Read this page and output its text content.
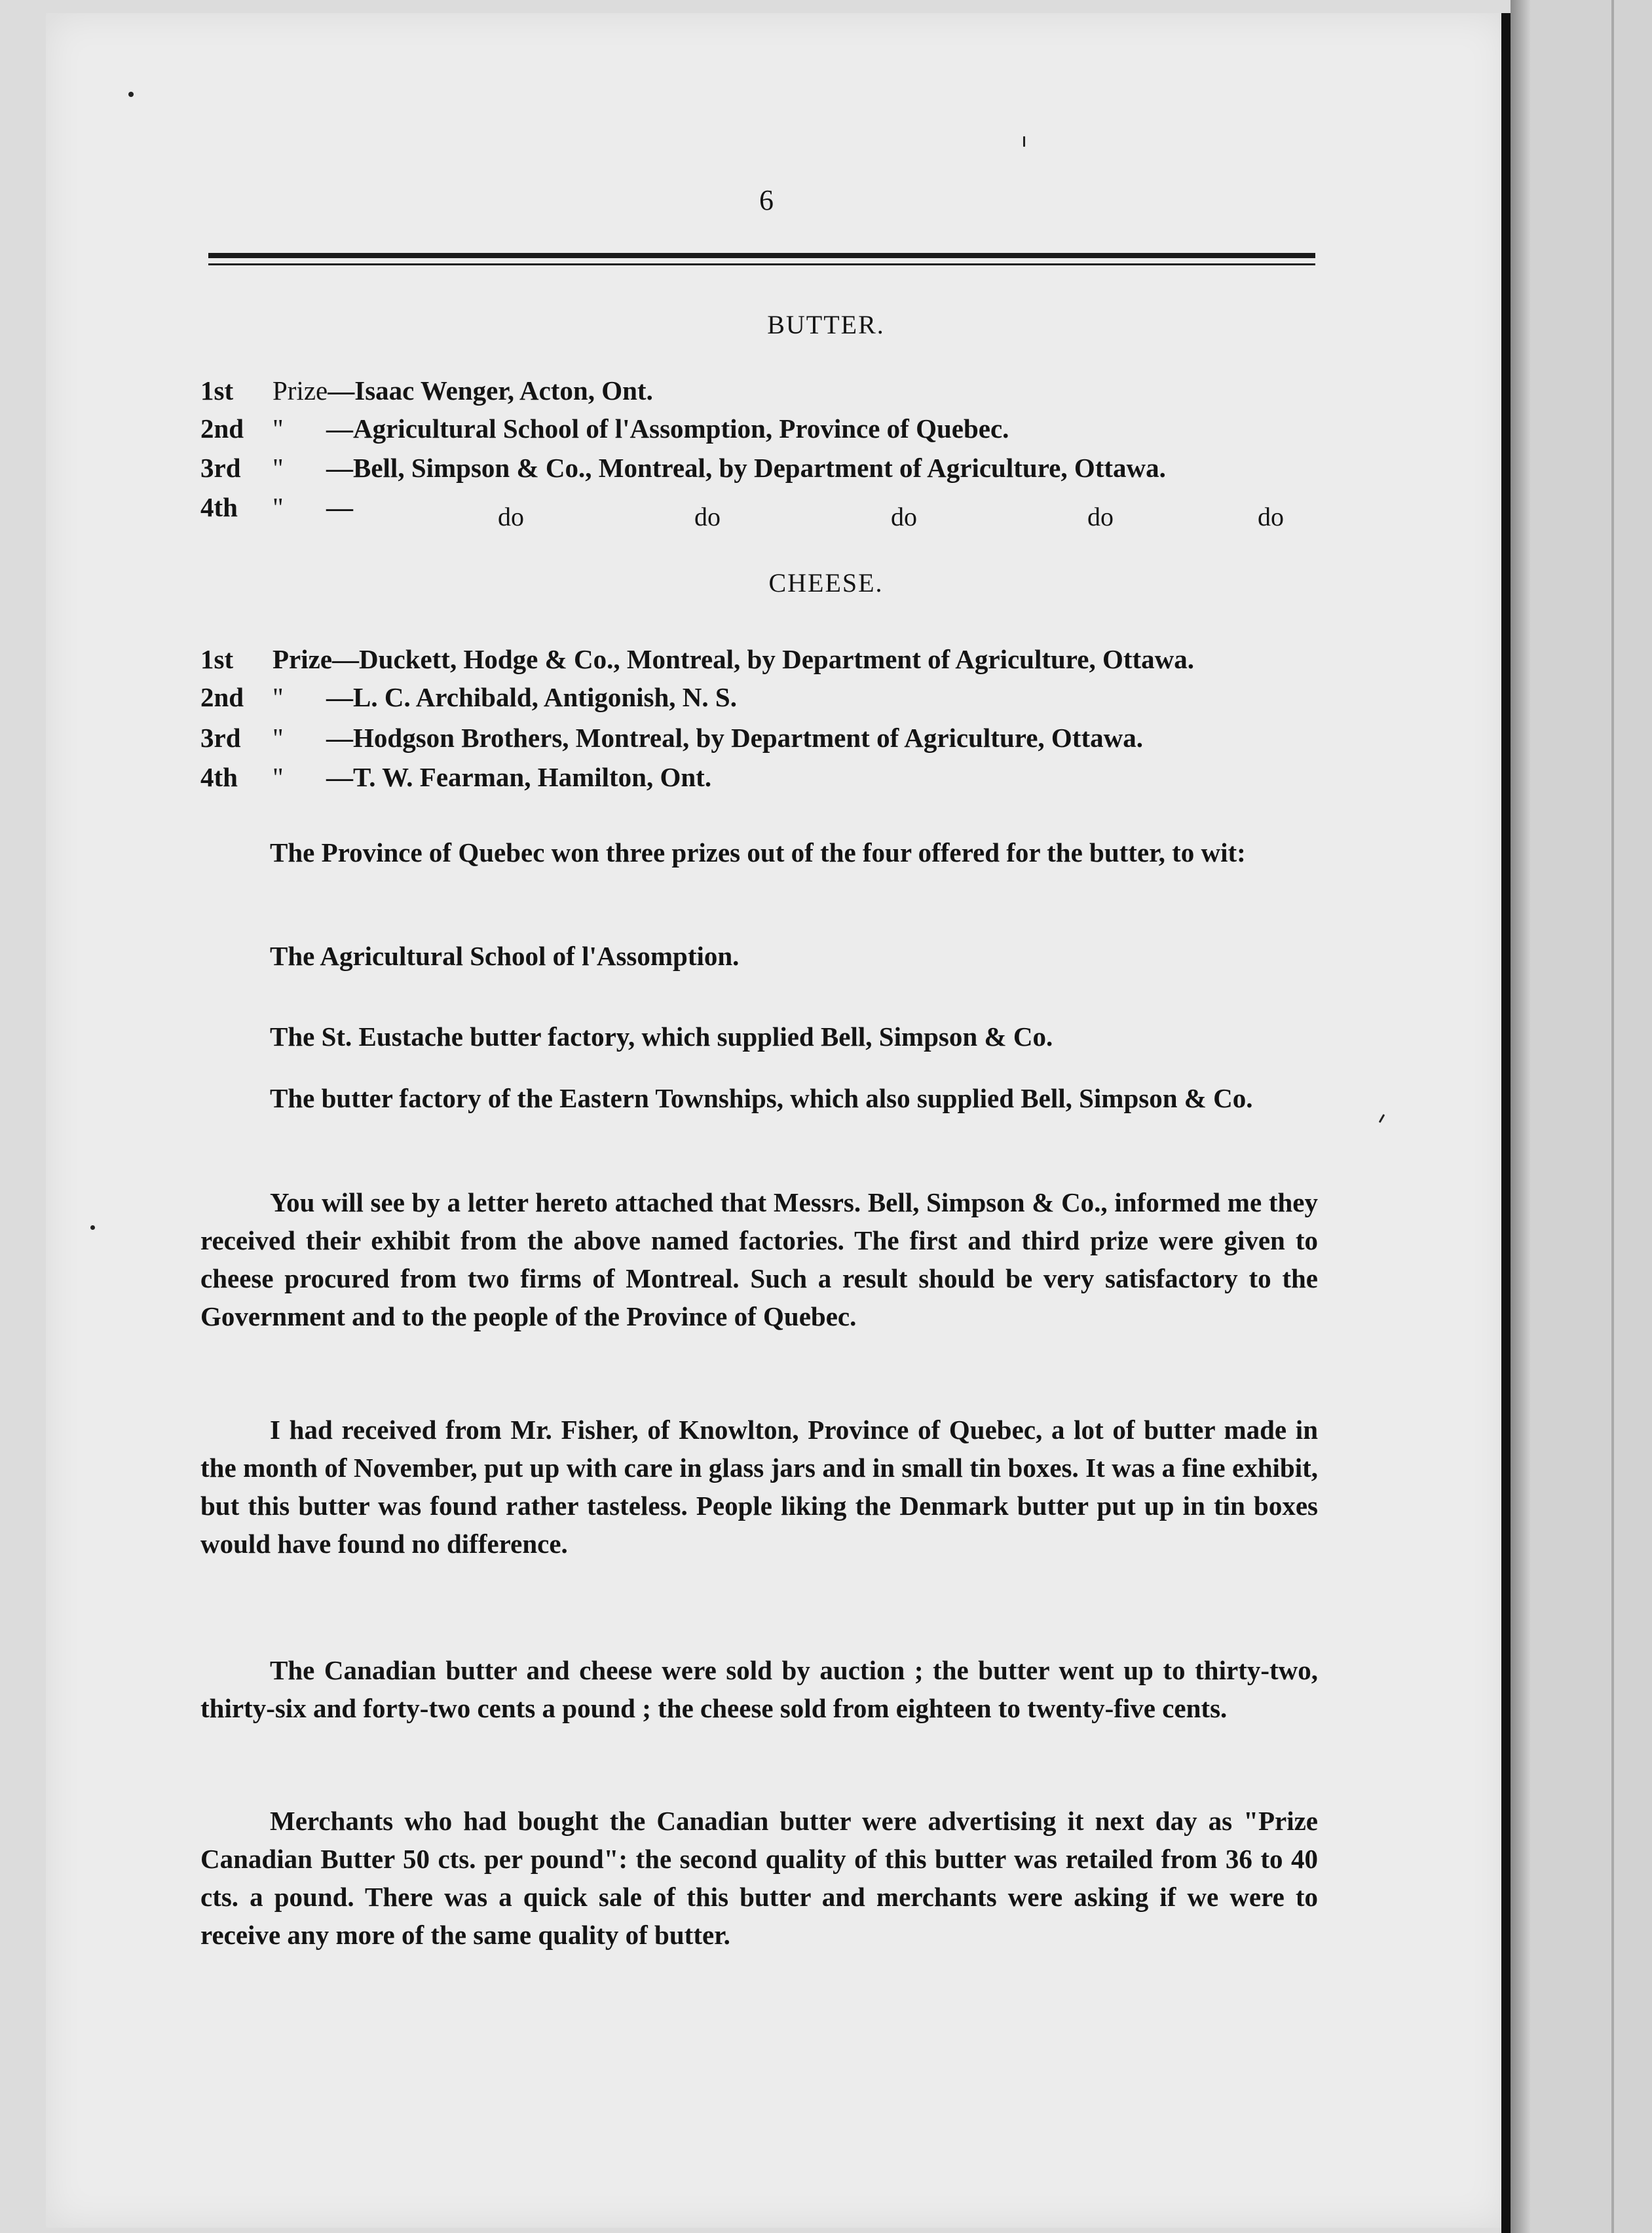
6
BUTTER.
1st Prize—Isaac Wenger, Acton, Ont.
2nd " —Agricultural School of l'Assomption, Province of Quebec.
3rd " —Bell, Simpson & Co., Montreal, by Department of Agriculture, Ottawa.
4th " —	do	do	do	do	do
CHEESE.
1st Prize—Duckett, Hodge & Co., Montreal, by Department of Agriculture, Ottawa.
2nd " —L. C. Archibald, Antigonish, N. S.
3rd " —Hodgson Brothers, Montreal, by Department of Agriculture, Ottawa.
4th " —T. W. Fearman, Hamilton, Ont.
The Province of Quebec won three prizes out of the four offered for the butter, to wit:
The Agricultural School of l'Assomption.
The St. Eustache butter factory, which supplied Bell, Simpson & Co.
The butter factory of the Eastern Townships, which also supplied Bell, Simpson & Co.
You will see by a letter hereto attached that Messrs. Bell, Simpson & Co., informed me they received their exhibit from the above named factories. The first and third prize were given to cheese procured from two firms of Montreal. Such a result should be very satisfactory to the Government and to the people of the Province of Quebec.
I had received from Mr. Fisher, of Knowlton, Province of Quebec, a lot of butter made in the month of November, put up with care in glass jars and in small tin boxes. It was a fine exhibit, but this butter was found rather tasteless. People liking the Denmark butter put up in tin boxes would have found no difference.
The Canadian butter and cheese were sold by auction ; the butter went up to thirty-two, thirty-six and forty-two cents a pound ; the cheese sold from eighteen to twenty-five cents.
Merchants who had bought the Canadian butter were advertising it next day as "Prize Canadian Butter 50 cts. per pound": the second quality of this butter was retailed from 36 to 40 cts. a pound. There was a quick sale of this butter and merchants were asking if we were to receive any more of the same quality of butter.
